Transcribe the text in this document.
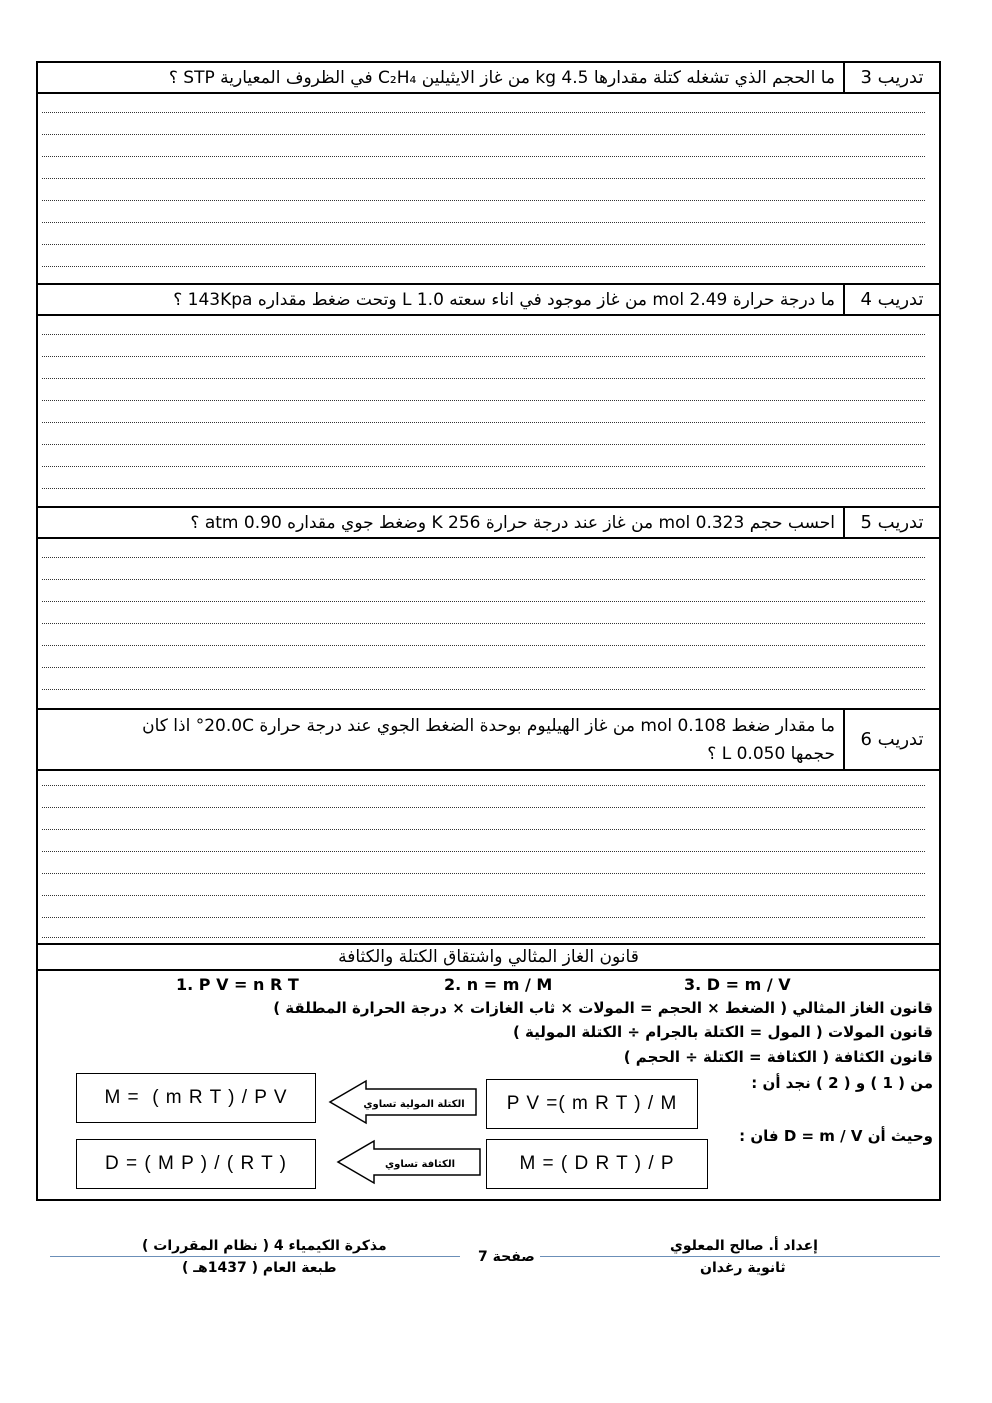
تدريب 3
ما الحجم الذي تشغله كتلة مقدارها 4.5 kg من غاز الايثيلين C₂H₄ في الظروف المعيارية STP ؟
تدريب 4
ما درجة حرارة 2.49 mol من غاز موجود في اناء سعته 1.0 L وتحت ضغط مقداره 143Kpa ؟
تدريب 5
احسب حجم 0.323 mol من غاز عند درجة حرارة 256 K وضغط جوي مقداره 0.90 atm ؟
تدريب 6
ما مقدار ضغط 0.108 mol من غاز الهيليوم بوحدة الضغط الجوي عند درجة حرارة 20.0C° اذا كان حجمها 0.050 L ؟
قانون الغاز المثالي واشتقاق الكتلة والكثافة
1. P V = n R T	2. n = m / M	3. D = m / V
قانون الغاز المثالي ( الضغط × الحجم = المولات × ثاب الغازات × درجة الحرارة المطلقة )
قانون المولات ( المول = الكتلة بالجرام ÷ الكتلة المولية )
قانون الكثافة ( الكثافة = الكتلة ÷ الحجم )
من ( 1 ) و ( 2 ) نجد أن :
وحيث أن D = m / V فان :
P V =( m R T ) / M
الكتلة المولية تساوي
M =  ( m R T ) / P V
M = ( D R T ) / P
الكثافة تساوي
D = ( M P ) / ( R T )
إعداد أ. صالح المعلوي
ثانوية رغدان
صفحة 7
مذكرة الكيمياء 4 ( نظام المقررات )
طبعة العام ( 1437هـ )
